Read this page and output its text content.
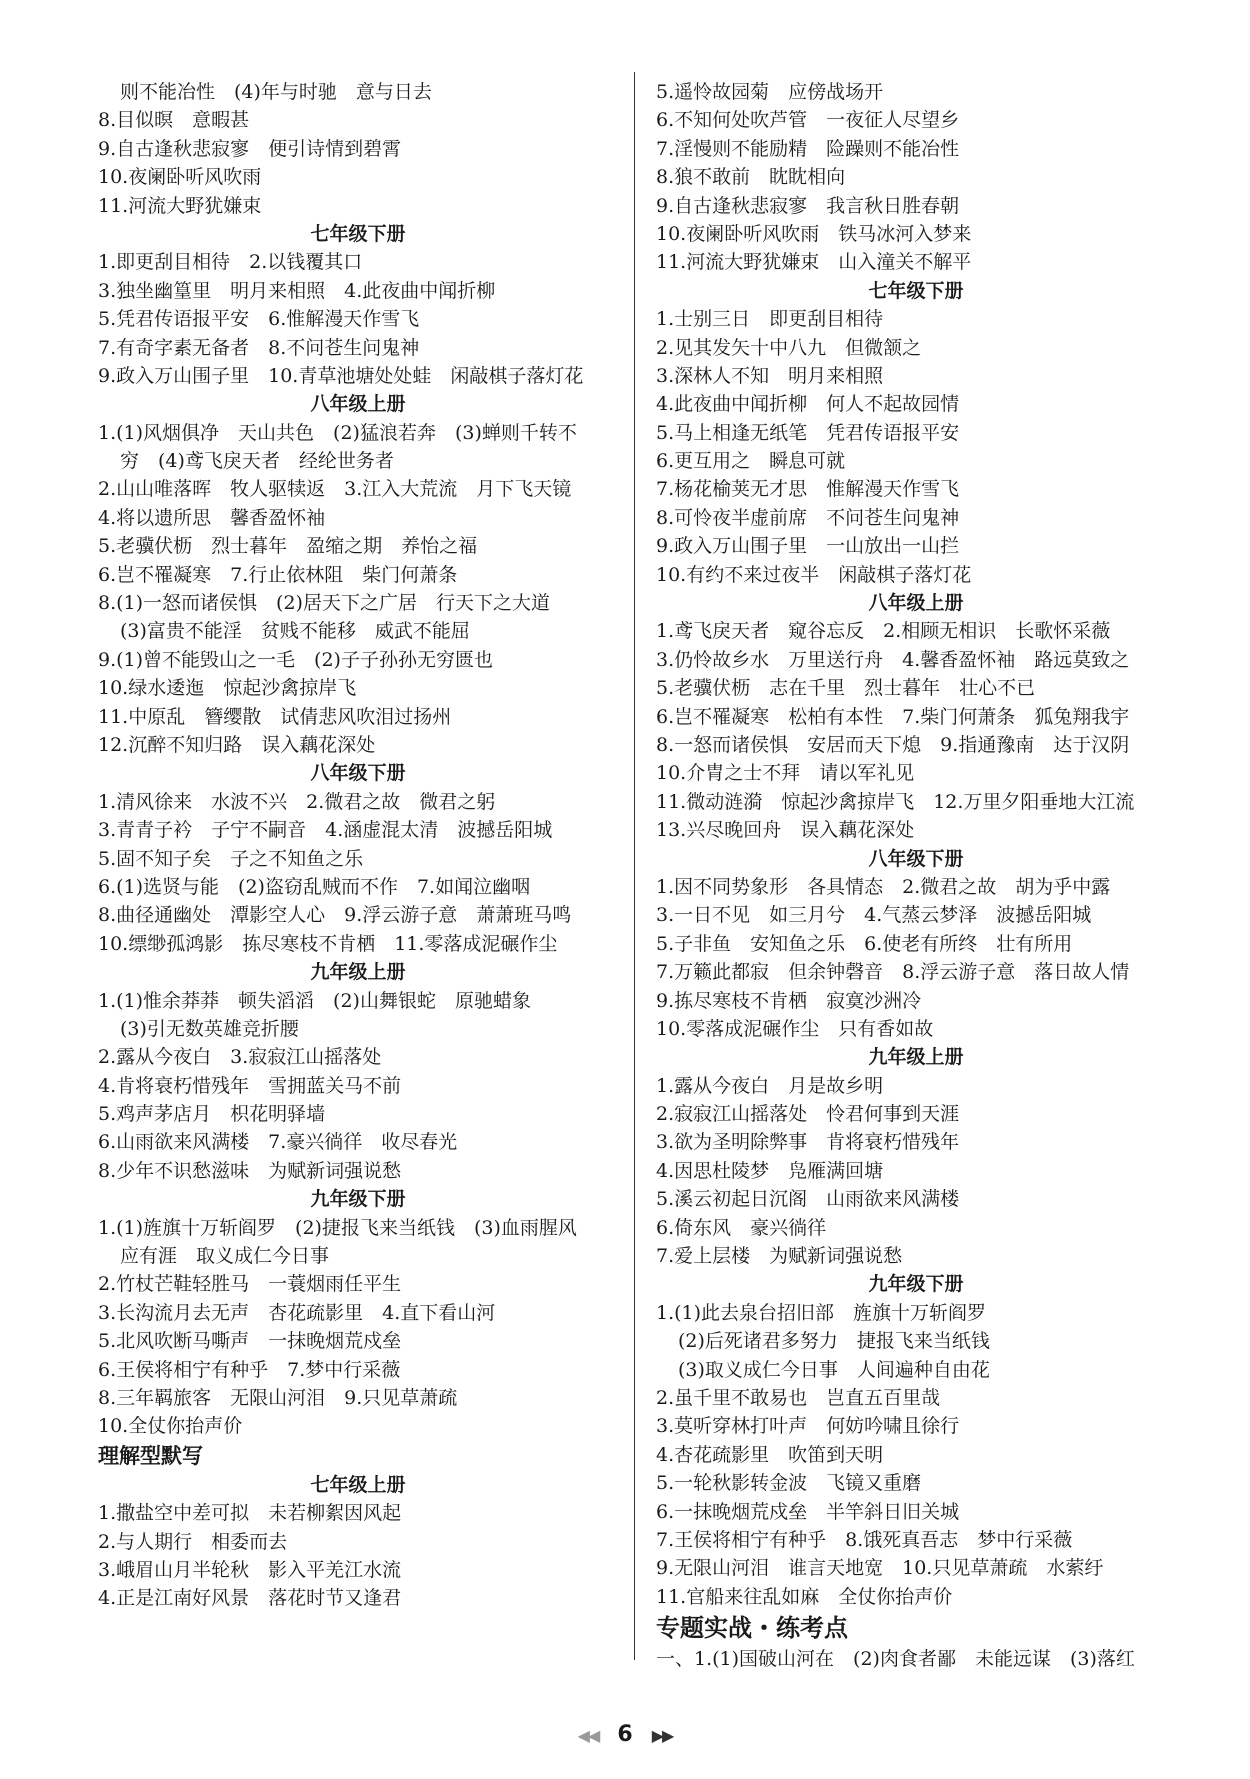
则不能冶性　(4)年与时驰　意与日去
8.目似暝　意暇甚
9.自古逢秋悲寂寥　便引诗情到碧霄
10.夜阑卧听风吹雨
11.河流大野犹嫌束
七年级下册
1.即更刮目相待　2.以钱覆其口
3.独坐幽篁里　明月来相照　4.此夜曲中闻折柳
5.凭君传语报平安　6.惟解漫天作雪飞
7.有奇字素无备者　8.不问苍生问鬼神
9.政入万山围子里　10.青草池塘处处蛙　闲敲棋子落灯花
八年级上册
1.(1)风烟俱净　天山共色　(2)猛浪若奔　(3)蝉则千转不
穷　(4)鸢飞戾天者　经纶世务者
2.山山唯落晖　牧人驱犊返　3.江入大荒流　月下飞天镜
4.将以遗所思　馨香盈怀袖
5.老骥伏枥　烈士暮年　盈缩之期　养怡之福
6.岂不罹凝寒　7.行止依林阻　柴门何萧条
8.(1)一怒而诸侯惧　(2)居天下之广居　行天下之大道
(3)富贵不能淫　贫贱不能移　威武不能屈
9.(1)曾不能毁山之一毛　(2)子子孙孙无穷匮也
10.绿水逶迤　惊起沙禽掠岸飞
11.中原乱　簪缨散　试倩悲风吹泪过扬州
12.沉醉不知归路　误入藕花深处
八年级下册
1.清风徐来　水波不兴　2.微君之故　微君之躬
3.青青子衿　子宁不嗣音　4.涵虚混太清　波撼岳阳城
5.固不知子矣　子之不知鱼之乐
6.(1)选贤与能　(2)盗窃乱贼而不作　7.如闻泣幽咽
8.曲径通幽处　潭影空人心　9.浮云游子意　萧萧班马鸣
10.缥缈孤鸿影　拣尽寒枝不肯栖　11.零落成泥碾作尘
九年级上册
1.(1)惟余莽莽　顿失滔滔　(2)山舞银蛇　原驰蜡象
(3)引无数英雄竞折腰
2.露从今夜白　3.寂寂江山摇落处
4.肯将衰朽惜残年　雪拥蓝关马不前
5.鸡声茅店月　枳花明驿墙
6.山雨欲来风满楼　7.豪兴徜徉　收尽春光
8.少年不识愁滋味　为赋新词强说愁
九年级下册
1.(1)旌旗十万斩阎罗　(2)捷报飞来当纸钱　(3)血雨腥风
应有涯　取义成仁今日事
2.竹杖芒鞋轻胜马　一蓑烟雨任平生
3.长沟流月去无声　杏花疏影里　4.直下看山河
5.北风吹断马嘶声　一抹晚烟荒戍垒
6.王侯将相宁有种乎　7.梦中行采薇
8.三年羁旅客　无限山河泪　9.只见草萧疏
10.全仗你抬声价
理解型默写
七年级上册
1.撒盐空中差可拟　未若柳絮因风起
2.与人期行　相委而去
3.峨眉山月半轮秋　影入平羌江水流
4.正是江南好风景　落花时节又逢君
5.遥怜故园菊　应傍战场开
6.不知何处吹芦管　一夜征人尽望乡
7.淫慢则不能励精　险躁则不能冶性
8.狼不敢前　眈眈相向
9.自古逢秋悲寂寥　我言秋日胜春朝
10.夜阑卧听风吹雨　铁马冰河入梦来
11.河流大野犹嫌束　山入潼关不解平
七年级下册
1.士别三日　即更刮目相待
2.见其发矢十中八九　但微颔之
3.深林人不知　明月来相照
4.此夜曲中闻折柳　何人不起故园情
5.马上相逢无纸笔　凭君传语报平安
6.更互用之　瞬息可就
7.杨花榆荚无才思　惟解漫天作雪飞
8.可怜夜半虚前席　不问苍生问鬼神
9.政入万山围子里　一山放出一山拦
10.有约不来过夜半　闲敲棋子落灯花
八年级上册
1.鸢飞戾天者　窥谷忘反　2.相顾无相识　长歌怀采薇
3.仍怜故乡水　万里送行舟　4.馨香盈怀袖　路远莫致之
5.老骥伏枥　志在千里　烈士暮年　壮心不已
6.岂不罹凝寒　松柏有本性　7.柴门何萧条　狐兔翔我宇
8.一怒而诸侯惧　安居而天下熄　9.指通豫南　达于汉阴
10.介胄之士不拜　请以军礼见
11.微动涟漪　惊起沙禽掠岸飞　12.万里夕阳垂地大江流
13.兴尽晚回舟　误入藕花深处
八年级下册
1.因不同势象形　各具情态　2.微君之故　胡为乎中露
3.一日不见　如三月兮　4.气蒸云梦泽　波撼岳阳城
5.子非鱼　安知鱼之乐　6.使老有所终　壮有所用
7.万籁此都寂　但余钟磬音　8.浮云游子意　落日故人情
9.拣尽寒枝不肯栖　寂寞沙洲冷
10.零落成泥碾作尘　只有香如故
九年级上册
1.露从今夜白　月是故乡明
2.寂寂江山摇落处　怜君何事到天涯
3.欲为圣明除弊事　肯将衰朽惜残年
4.因思杜陵梦　凫雁满回塘
5.溪云初起日沉阁　山雨欲来风满楼
6.倚东风　豪兴徜徉
7.爱上层楼　为赋新词强说愁
九年级下册
1.(1)此去泉台招旧部　旌旗十万斩阎罗
(2)后死诸君多努力　捷报飞来当纸钱
(3)取义成仁今日事　人间遍种自由花
2.虽千里不敢易也　岂直五百里哉
3.莫听穿林打叶声　何妨吟啸且徐行
4.杏花疏影里　吹笛到天明
5.一轮秋影转金波　飞镜又重磨
6.一抹晚烟荒戍垒　半竿斜日旧关城
7.王侯将相宁有种乎　8.饿死真吾志　梦中行采薇
9.无限山河泪　谁言天地宽　10.只见草萧疏　水萦纡
11.官船来往乱如麻　全仗你抬声价
专题实战・练考点
一、1.(1)国破山河在　(2)肉食者鄙　未能远谋　(3)落红
◀◀ 6 ▶▶
